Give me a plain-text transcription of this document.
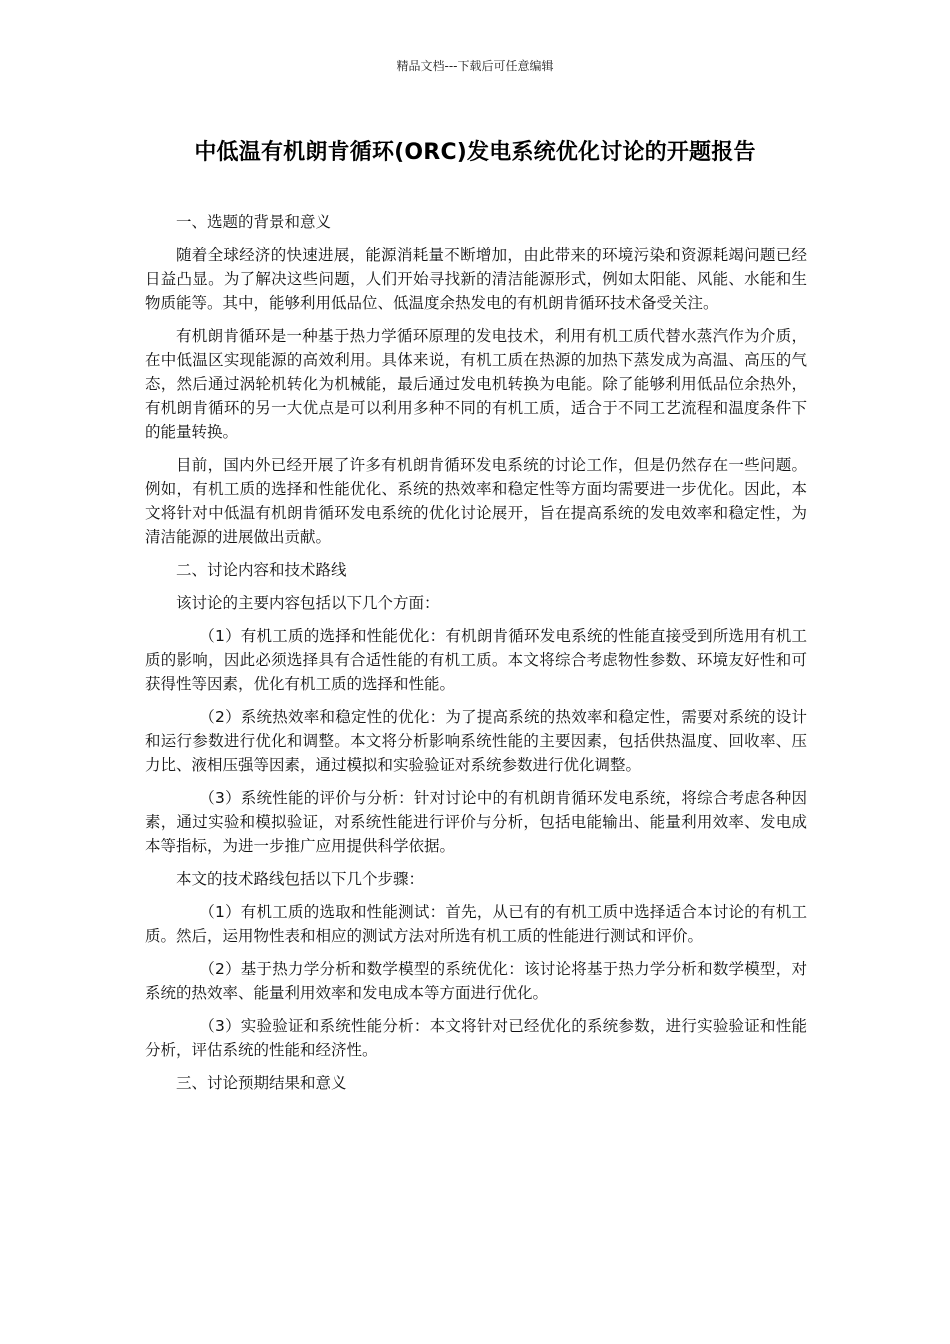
精品文档---下载后可任意编辑
中低温有机朗肯循环(ORC)发电系统优化讨论的开题报告

一、选题的背景和意义

随着全球经济的快速进展，能源消耗量不断增加，由此带来的环境污染和资源耗竭问题已经日益凸显。为了解决这些问题，人们开始寻找新的清洁能源形式，例如太阳能、风能、水能和生物质能等。其中，能够利用低品位、低温度余热发电的有机朗肯循环技术备受关注。

有机朗肯循环是一种基于热力学循环原理的发电技术，利用有机工质代替水蒸汽作为介质，在中低温区实现能源的高效利用。具体来说，有机工质在热源的加热下蒸发成为高温、高压的气态，然后通过涡轮机转化为机械能，最后通过发电机转换为电能。除了能够利用低品位余热外，有机朗肯循环的另一大优点是可以利用多种不同的有机工质，适合于不同工艺流程和温度条件下的能量转换。

目前，国内外已经开展了许多有机朗肯循环发电系统的讨论工作，但是仍然存在一些问题。例如，有机工质的选择和性能优化、系统的热效率和稳定性等方面均需要进一步优化。因此，本文将针对中低温有机朗肯循环发电系统的优化讨论展开，旨在提高系统的发电效率和稳定性，为清洁能源的进展做出贡献。

二、讨论内容和技术路线

该讨论的主要内容包括以下几个方面：

（1）有机工质的选择和性能优化：有机朗肯循环发电系统的性能直接受到所选用有机工质的影响，因此必须选择具有合适性能的有机工质。本文将综合考虑物性参数、环境友好性和可获得性等因素，优化有机工质的选择和性能。

（2）系统热效率和稳定性的优化：为了提高系统的热效率和稳定性，需要对系统的设计和运行参数进行优化和调整。本文将分析影响系统性能的主要因素，包括供热温度、回收率、压力比、液相压强等因素，通过模拟和实验验证对系统参数进行优化调整。

（3）系统性能的评价与分析：针对讨论中的有机朗肯循环发电系统，将综合考虑各种因素，通过实验和模拟验证，对系统性能进行评价与分析，包括电能输出、能量利用效率、发电成本等指标，为进一步推广应用提供科学依据。

本文的技术路线包括以下几个步骤：

（1）有机工质的选取和性能测试：首先，从已有的有机工质中选择适合本讨论的有机工质。然后，运用物性表和相应的测试方法对所选有机工质的性能进行测试和评价。

（2）基于热力学分析和数学模型的系统优化：该讨论将基于热力学分析和数学模型，对系统的热效率、能量利用效率和发电成本等方面进行优化。

（3）实验验证和系统性能分析：本文将针对已经优化的系统参数，进行实验验证和性能分析，评估系统的性能和经济性。

三、讨论预期结果和意义
